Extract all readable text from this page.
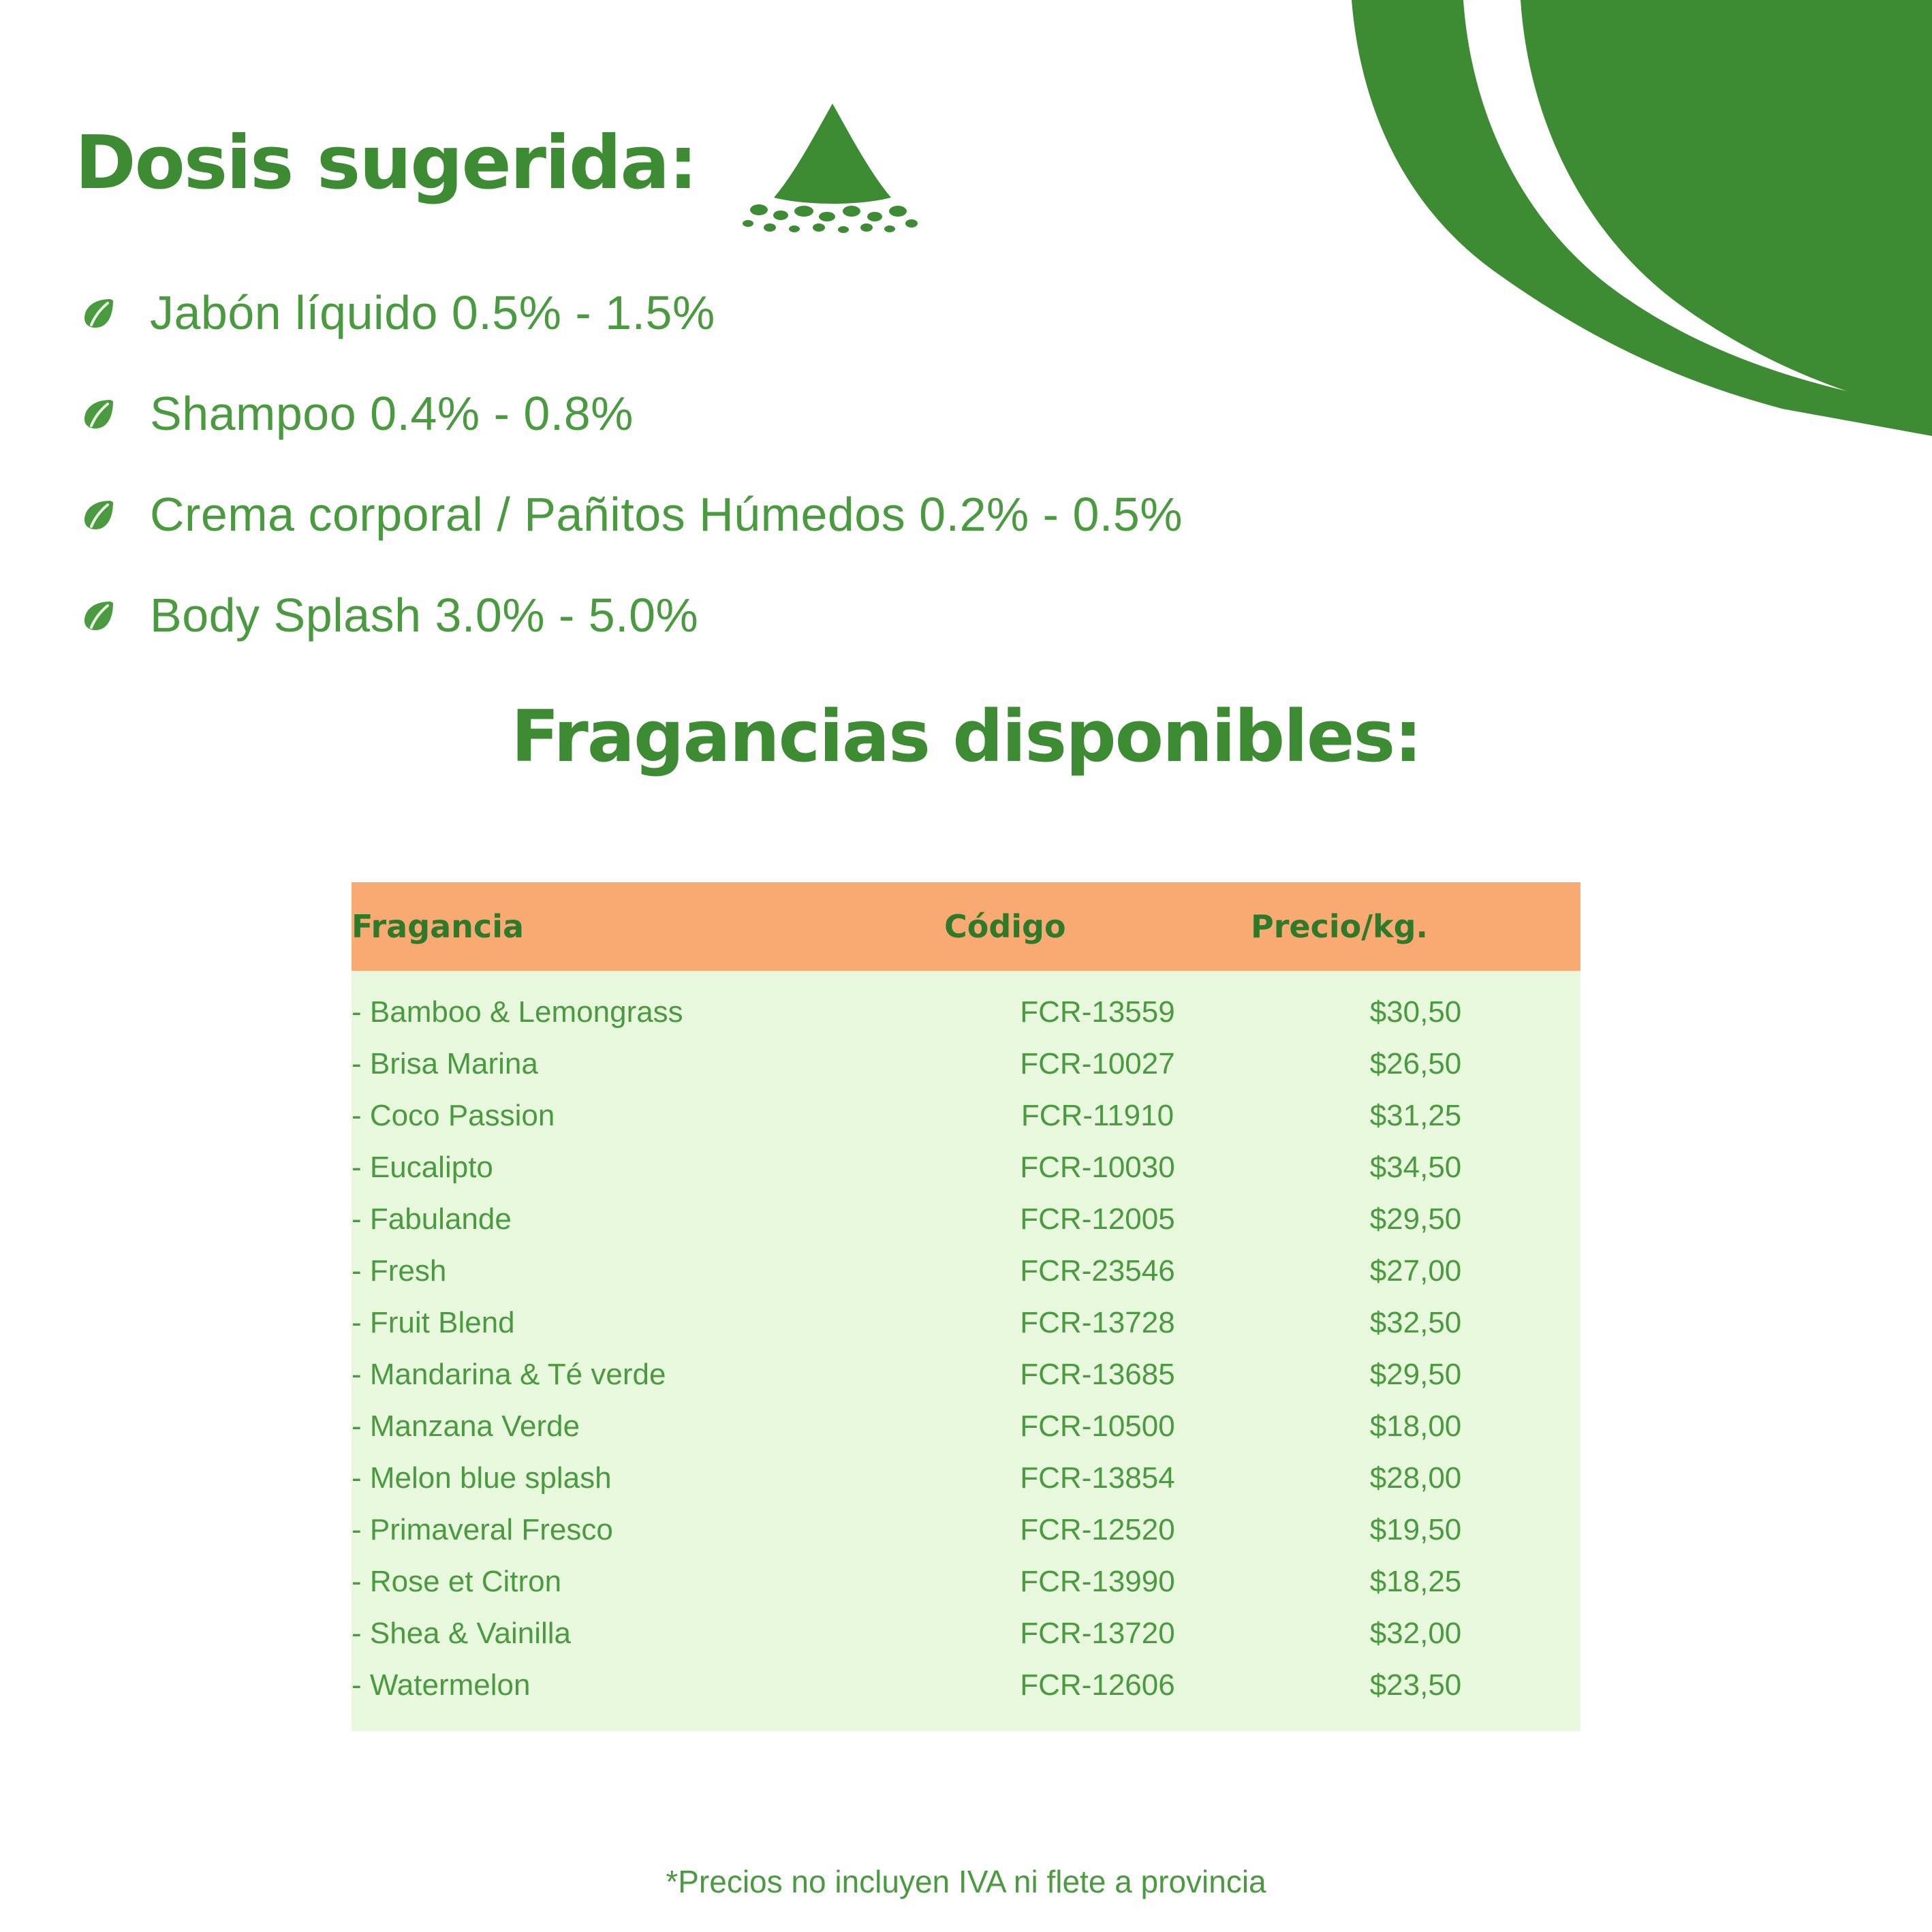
Dosis sugerida:
Jabón líquido 0.5% - 1.5%
Shampoo 0.4% - 0.8%
Crema corporal / Pañitos Húmedos 0.2% - 0.5%
Body Splash 3.0% - 5.0%
Fragancias disponibles:
Fragancia	Código	Precio/kg.
- Bamboo & Lemongrass	FCR-13559	$30,50
- Brisa Marina	FCR-10027	$26,50
- Coco Passion	FCR-11910	$31,25
- Eucalipto	FCR-10030	$34,50
- Fabulande	FCR-12005	$29,50
- Fresh	FCR-23546	$27,00
- Fruit Blend	FCR-13728	$32,50
- Mandarina & Té verde	FCR-13685	$29,50
- Manzana Verde	FCR-10500	$18,00
- Melon blue splash	FCR-13854	$28,00
- Primaveral Fresco	FCR-12520	$19,50
- Rose et Citron	FCR-13990	$18,25
- Shea & Vainilla	FCR-13720	$32,00
- Watermelon	FCR-12606	$23,50
*Precios no incluyen IVA ni flete a provincia
